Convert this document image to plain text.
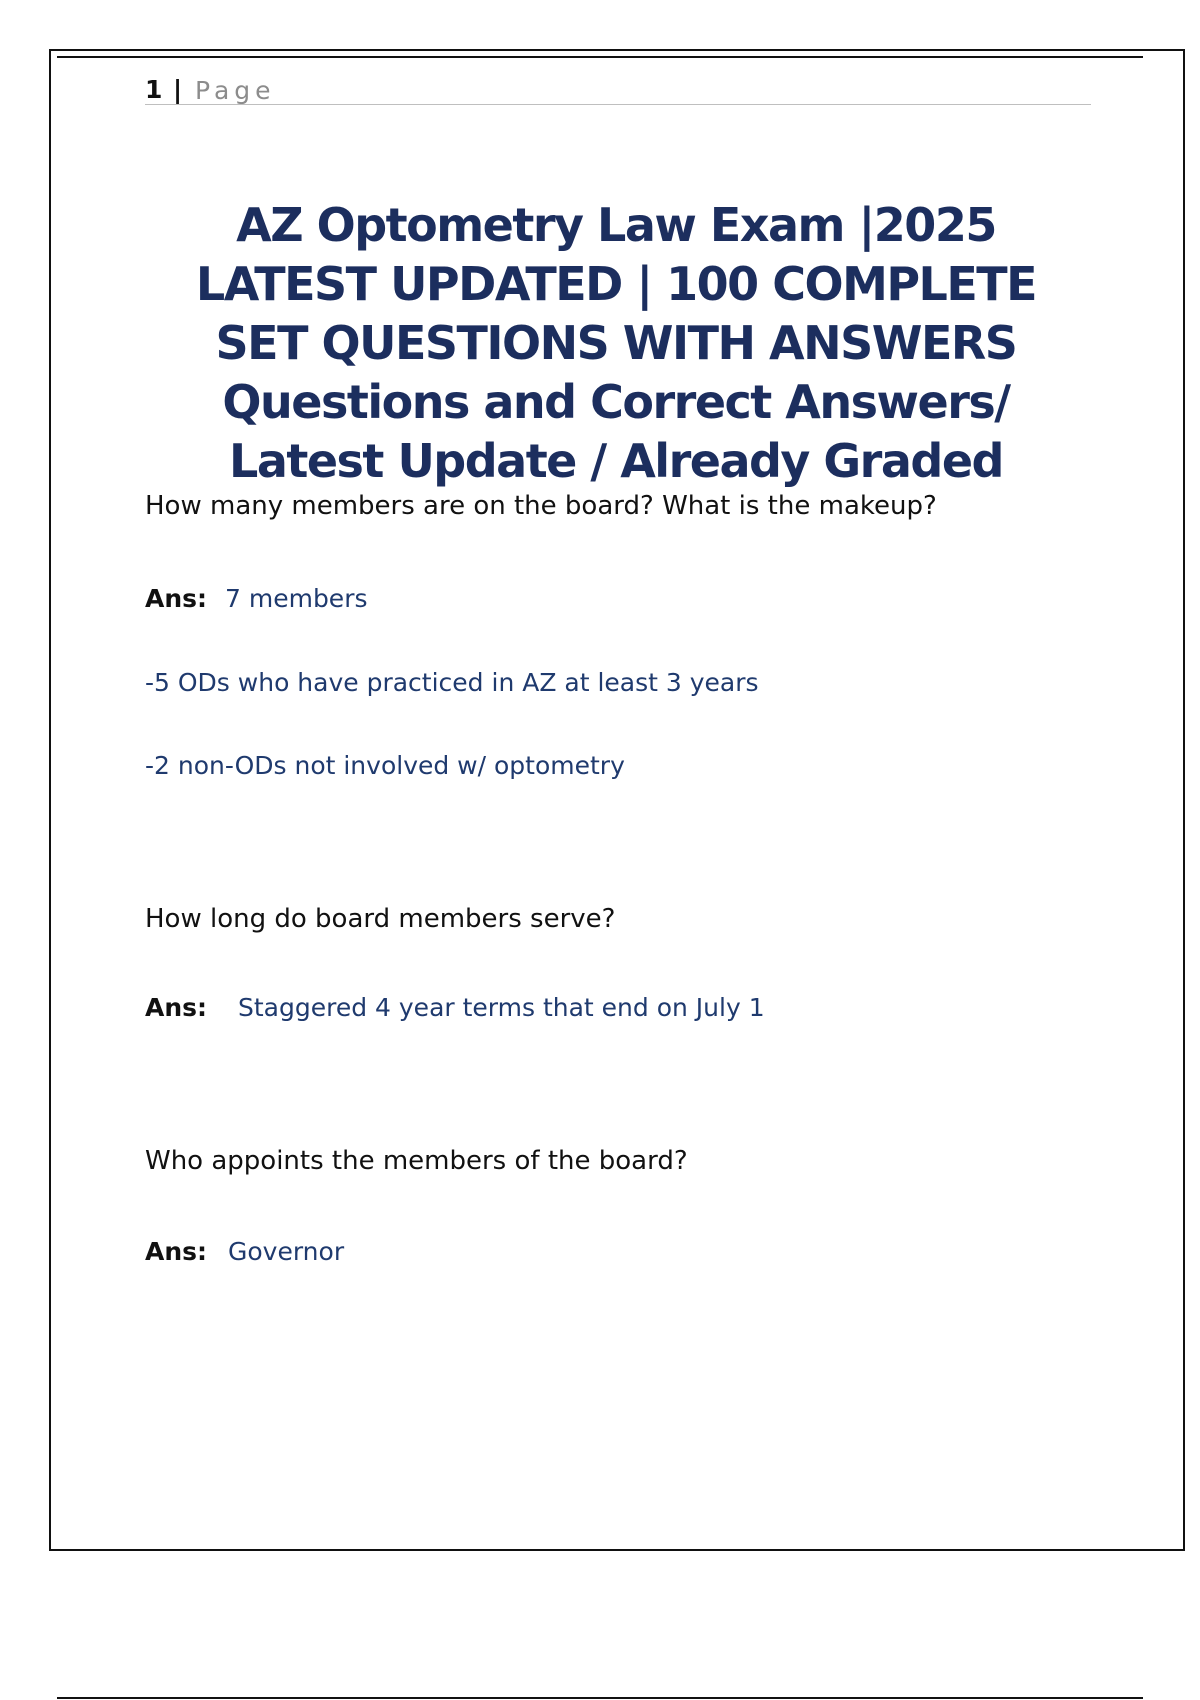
1 | Page
AZ Optometry Law Exam |2025 LATEST UPDATED | 100 COMPLETE SET QUESTIONS WITH ANSWERS Questions and Correct Answers/ Latest Update / Already Graded
How many members are on the board? What is the makeup?
Ans: 7 members
-5 ODs who have practiced in AZ at least 3 years
-2 non-ODs not involved w/ optometry
How long do board members serve?
Ans: Staggered 4 year terms that end on July 1
Who appoints the members of the board?
Ans: Governor
